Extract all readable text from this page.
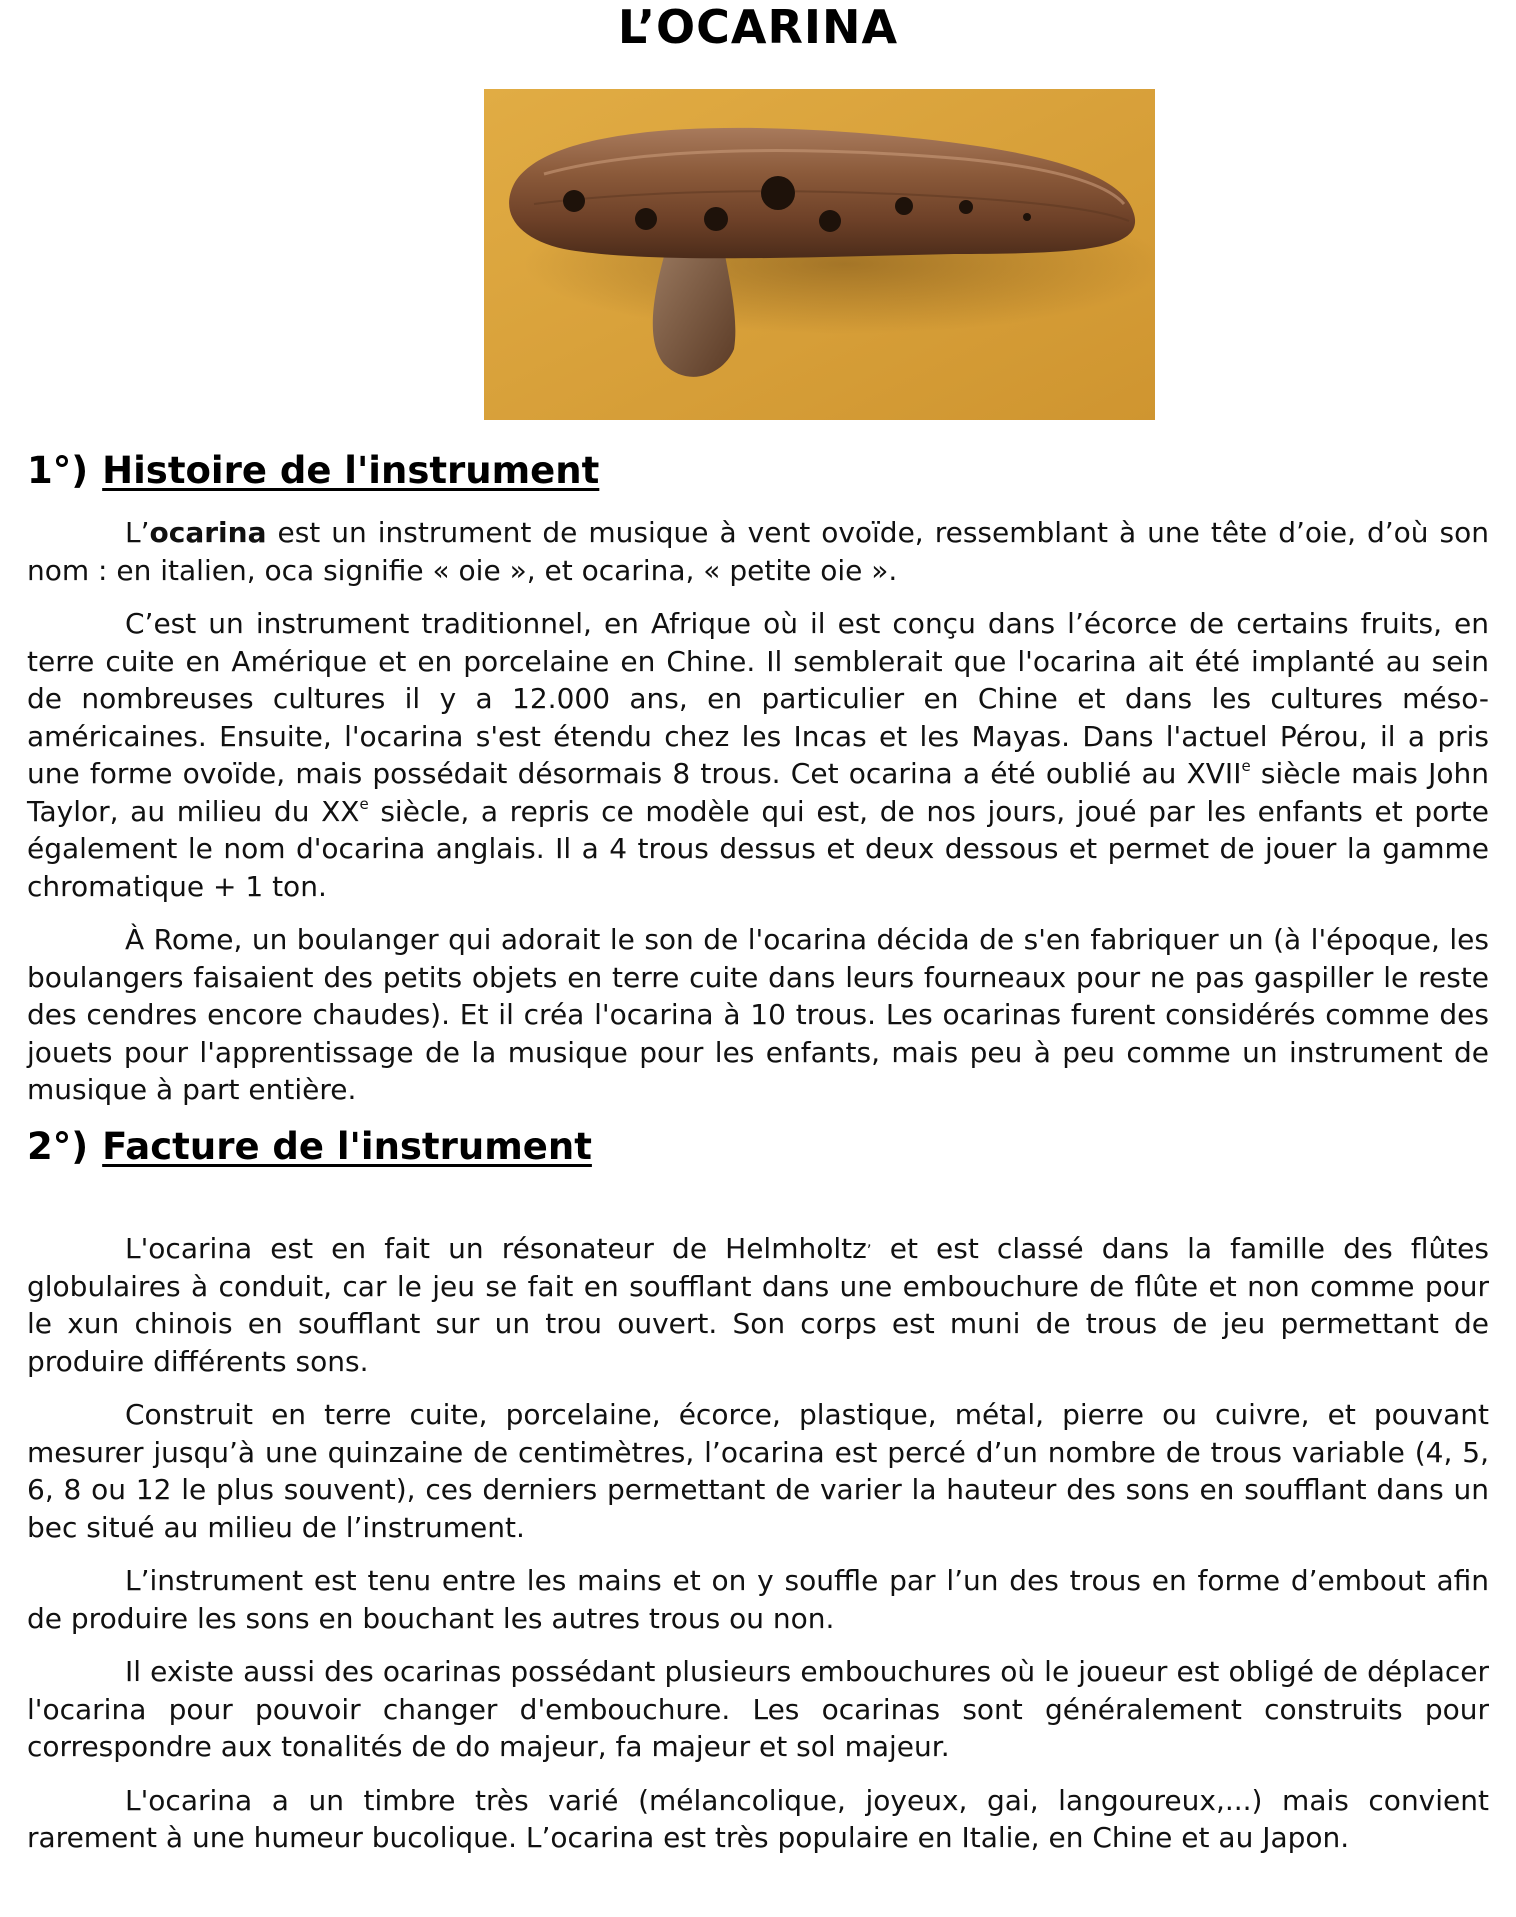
L’OCARINA
1°) Histoire de l'instrument

L’ocarina est un instrument de musique à vent ovoïde, ressemblant à une tête d’oie, d’où son nom : en italien, oca signifie « oie », et ocarina, « petite oie ».

C’est un instrument traditionnel, en Afrique où il est conçu dans l’écorce de certains fruits, en terre cuite en Amérique et en porcelaine en Chine. Il semblerait que l'ocarina ait été implanté au sein de nombreuses cultures il y a 12.000 ans, en particulier en Chine et dans les cultures méso-américaines. Ensuite, l'ocarina s'est étendu chez les Incas et les Mayas. Dans l'actuel Pérou, il a pris une forme ovoïde, mais possédait désormais 8 trous. Cet ocarina a été oublié au XVIIe siècle mais John Taylor, au milieu du XXe siècle, a repris ce modèle qui est, de nos jours, joué par les enfants et porte également le nom d'ocarina anglais. Il a 4 trous dessus et deux dessous et permet de jouer la gamme chromatique + 1 ton.

À Rome, un boulanger qui adorait le son de l'ocarina décida de s'en fabriquer un (à l'époque, les boulangers faisaient des petits objets en terre cuite dans leurs fourneaux pour ne pas gaspiller le reste des cendres encore chaudes). Et il créa l'ocarina à 10 trous. Les ocarinas furent considérés comme des jouets pour l'apprentissage de la musique pour les enfants, mais peu à peu comme un instrument de musique à part entière.

2°) Facture de l'instrument

L'ocarina est en fait un résonateur de Helmholtz, et est classé dans la famille des flûtes globulaires à conduit, car le jeu se fait en soufflant dans une embouchure de flûte et non comme pour le xun chinois en soufflant sur un trou ouvert. Son corps est muni de trous de jeu permettant de produire différents sons.

Construit en terre cuite, porcelaine, écorce, plastique, métal, pierre ou cuivre, et pouvant mesurer jusqu’à une quinzaine de centimètres, l’ocarina est percé d’un nombre de trous variable (4, 5, 6, 8 ou 12 le plus souvent), ces derniers permettant de varier la hauteur des sons en soufflant dans un bec situé au milieu de l’instrument.

L’instrument est tenu entre les mains et on y souffle par l’un des trous en forme d’embout afin de produire les sons en bouchant les autres trous ou non.

Il existe aussi des ocarinas possédant plusieurs embouchures où le joueur est obligé de déplacer l'ocarina pour pouvoir changer d'embouchure. Les ocarinas sont généralement construits pour correspondre aux tonalités de do majeur, fa majeur et sol majeur.

L'ocarina a un timbre très varié (mélancolique, joyeux, gai, langoureux,...) mais convient rarement à une humeur bucolique. L’ocarina est très populaire en Italie, en Chine et au Japon.
